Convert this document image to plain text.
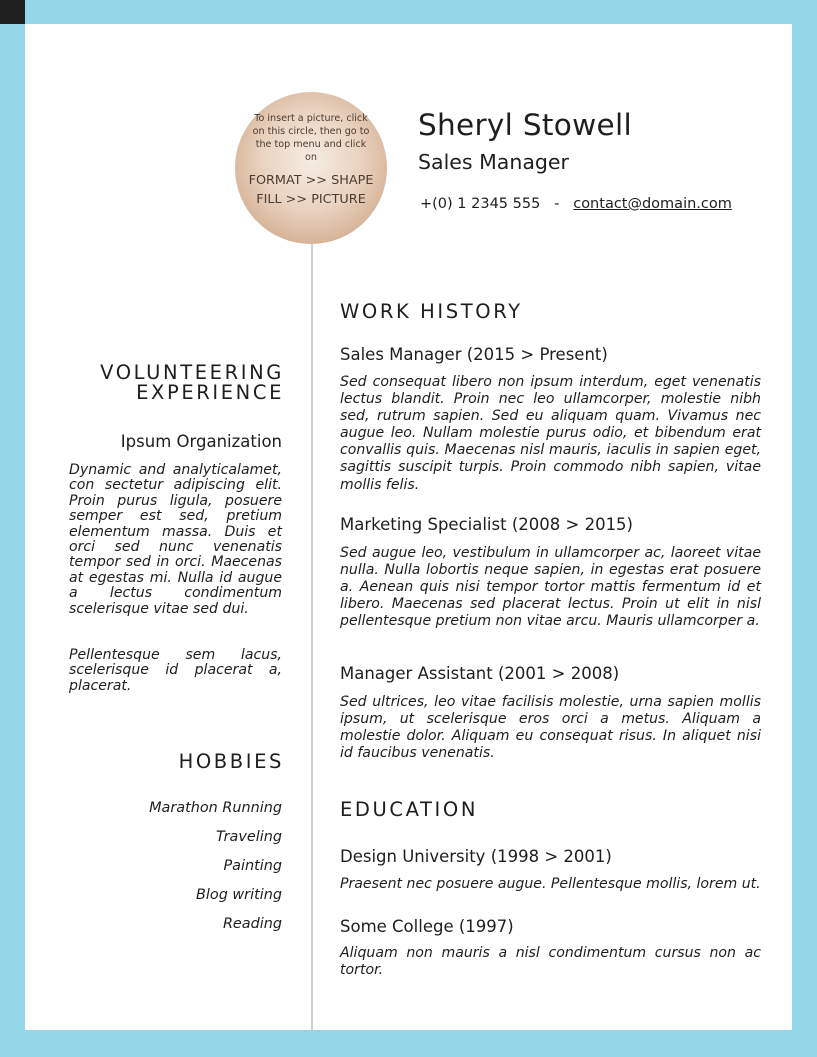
To insert a picture, click on this circle, then go to the top menu and click on
FORMAT >> SHAPE FILL >> PICTURE
Sheryl Stowell
Sales Manager
+(0) 1 2345 555 - contact@domain.com
VOLUNTEERING
EXPERIENCE
Ipsum Organization
Dynamic and analyticalamet, con sectetur adipiscing elit. Proin purus ligula, posuere semper est sed, pretium elementum massa. Duis et orci sed nunc venenatis tempor sed in orci. Maecenas at egestas mi. Nulla id augue a lectus condimentum scelerisque vitae sed dui.
Pellentesque sem lacus, scelerisque id placerat a, placerat.
HOBBIES
Marathon Running
Traveling
Painting
Blog writing
Reading
WORK HISTORY
Sales Manager (2015 > Present)
Sed consequat libero non ipsum interdum, eget venenatis lectus blandit. Proin nec leo ullamcorper, molestie nibh sed, rutrum sapien. Sed eu aliquam quam. Vivamus nec augue leo. Nullam molestie purus odio, et bibendum erat convallis quis. Maecenas nisl mauris, iaculis in sapien eget, sagittis suscipit turpis. Proin commodo nibh sapien, vitae mollis felis.
Marketing Specialist (2008 > 2015)
Sed augue leo, vestibulum in ullamcorper ac, laoreet vitae nulla. Nulla lobortis neque sapien, in egestas erat posuere a. Aenean quis nisi tempor tortor mattis fermentum id et libero. Maecenas sed placerat lectus. Proin ut elit in nisl pellentesque pretium non vitae arcu. Mauris ullamcorper a.
Manager Assistant (2001 > 2008)
Sed ultrices, leo vitae facilisis molestie, urna sapien mollis ipsum, ut scelerisque eros orci a metus. Aliquam a molestie dolor. Aliquam eu consequat risus. In aliquet nisi id faucibus venenatis.
EDUCATION
Design University (1998 > 2001)
Praesent nec posuere augue. Pellentesque mollis, lorem ut.
Some College (1997)
Aliquam non mauris a nisl condimentum cursus non ac tortor.
